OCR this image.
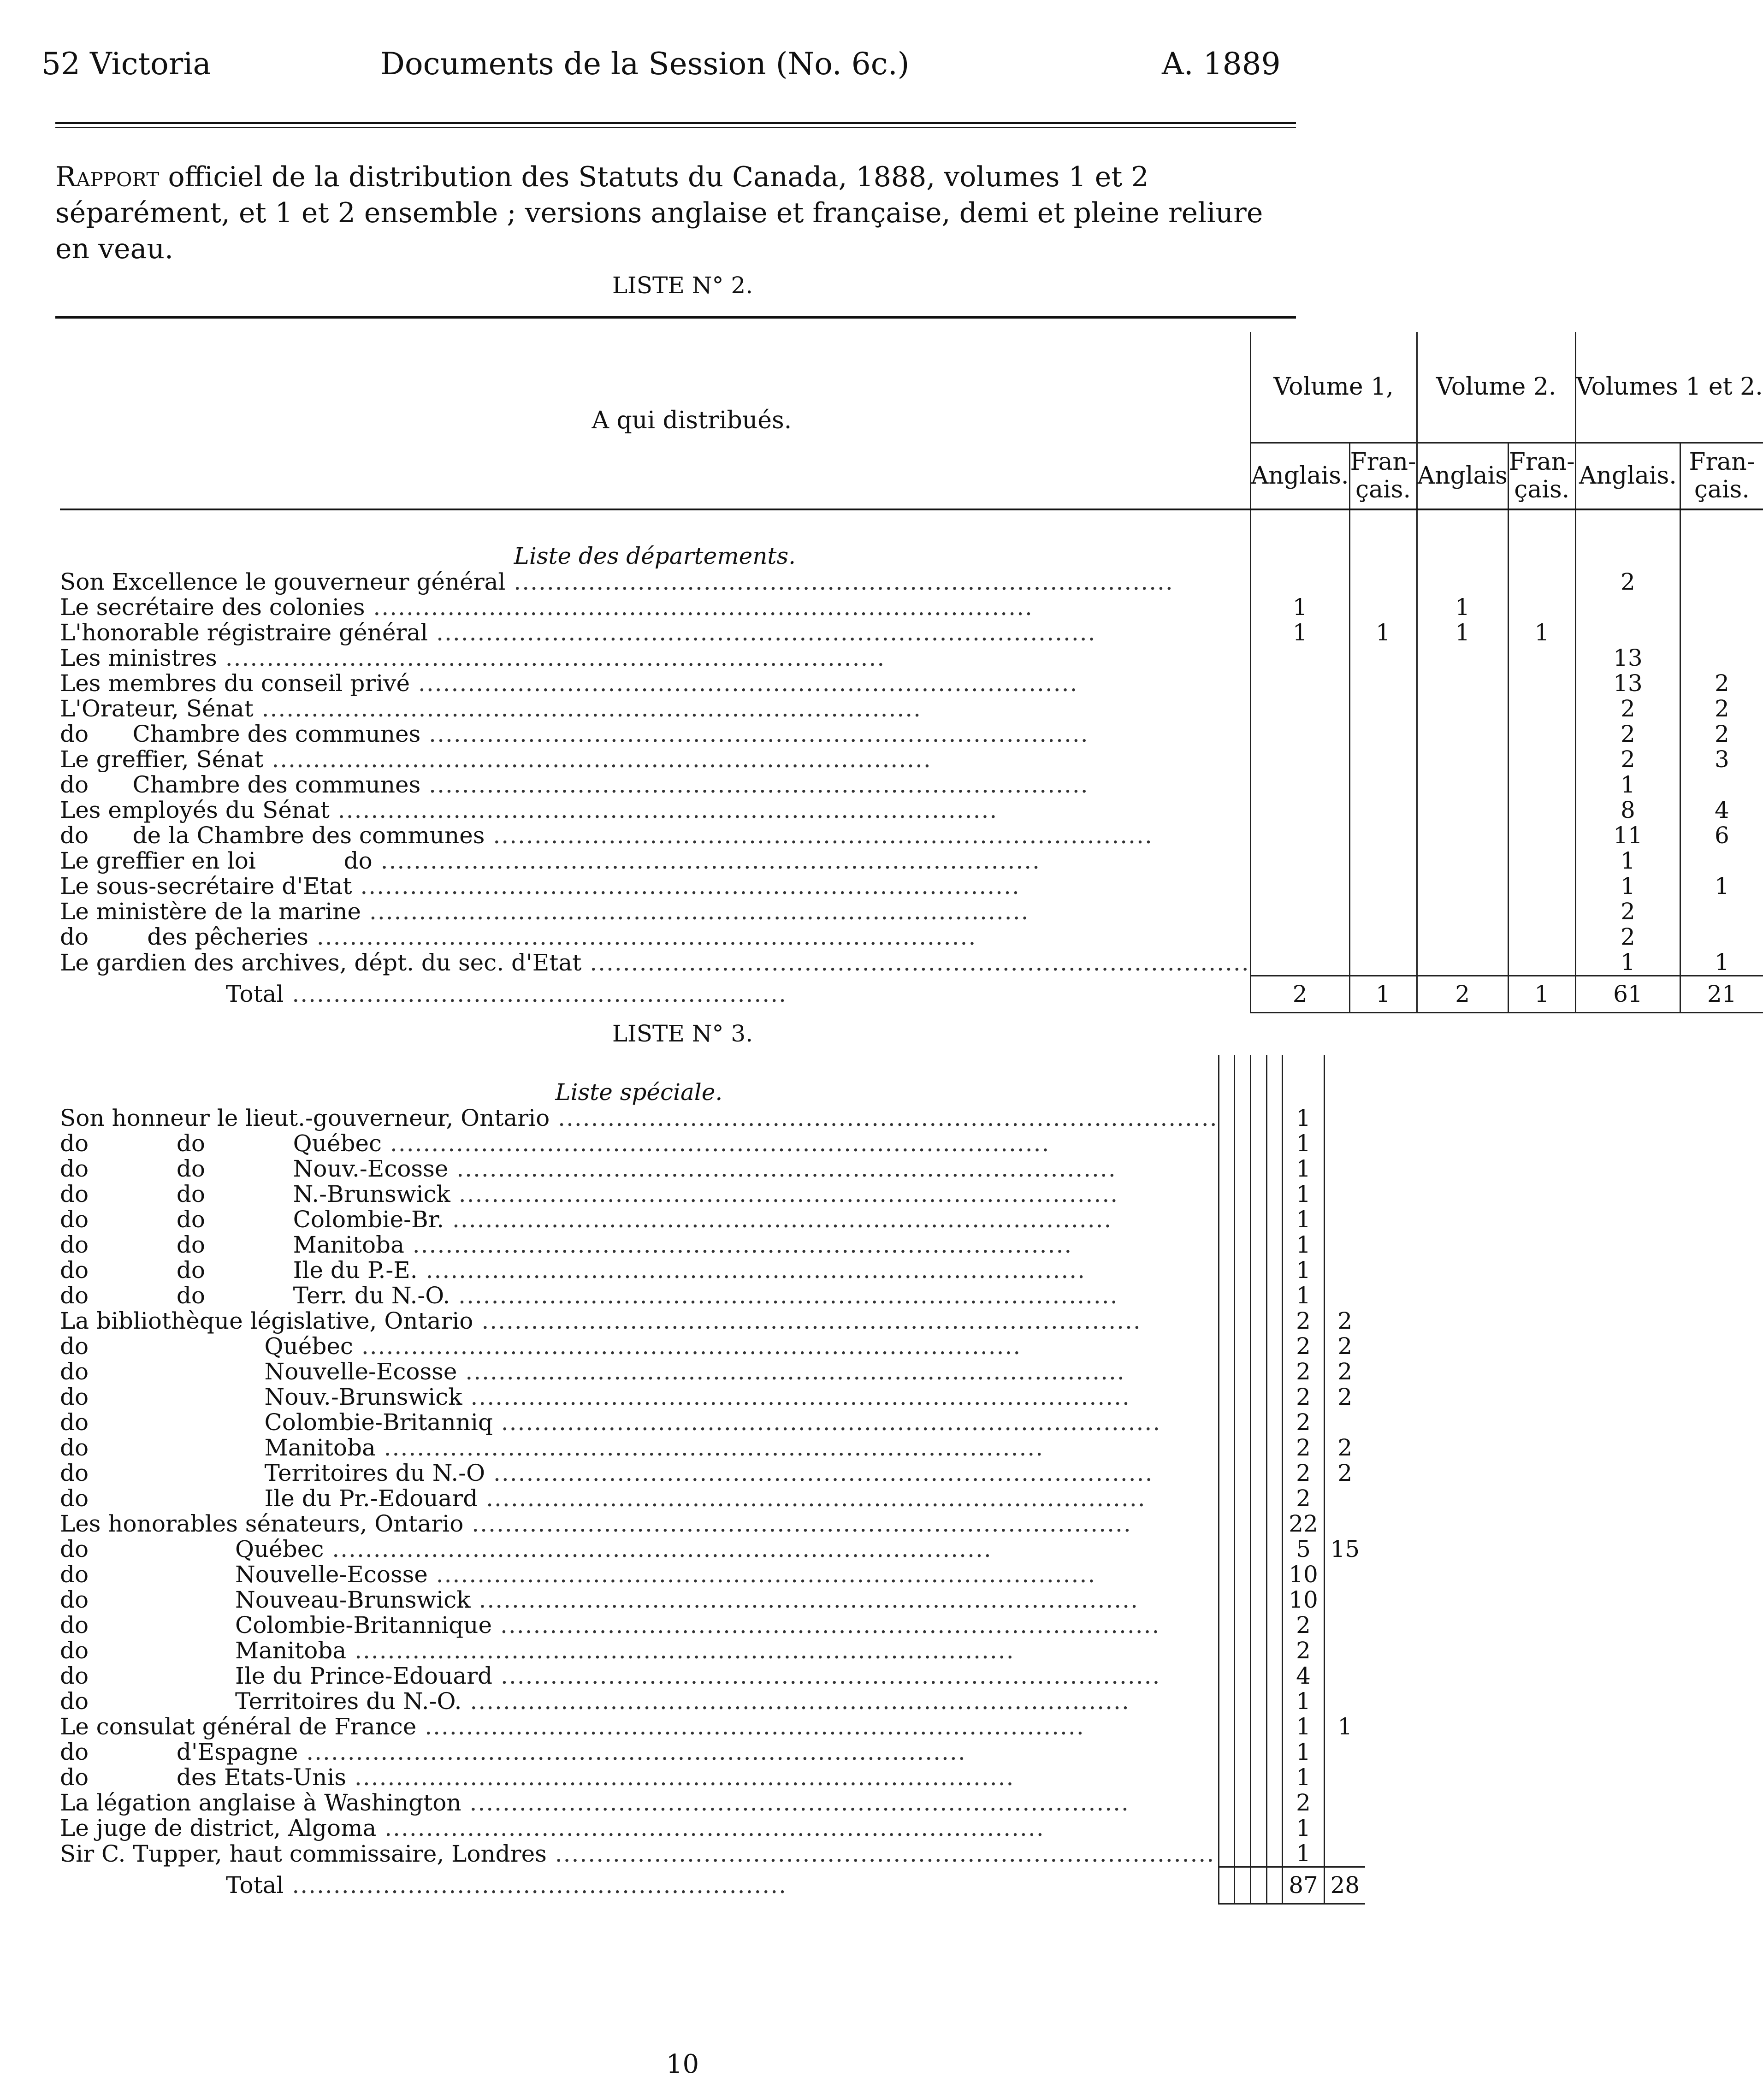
52 Victoria	Documents de la Session (No. 6c.)	A. 1889
Rapport officiel de la distribution des Statuts du Canada, 1888, volumes 1 et 2 séparément, et 1 et 2 ensemble ; versions anglaise et française, demi et pleine reliure en veau.
LISTE N° 2.
A qui distribués.	Volume 1,		Volume 2.		Volumes 1 et 2.	
	Anglais.	Fran-çais.	Anglais	Fran-çais.	Anglais.	Fran-çais.
Liste des départements.						
Son Excellence le gouverneur général ................................................................................					2	
Le secrétaire des colonies ................................................................................	1		1			
L'honorable régistraire général ................................................................................	1	1	1	1		
Les ministres ................................................................................					13	
Les membres du conseil privé ................................................................................					13	2
L'Orateur, Sénat ................................................................................					2	2
do      Chambre des communes ................................................................................					2	2
Le greffier, Sénat ................................................................................					2	3
do      Chambre des communes ................................................................................					1	
Les employés du Sénat ................................................................................					8	4
do      de la Chambre des communes ................................................................................					11	6
Le greffier en loi            do ................................................................................					1	
Le sous-secrétaire d'Etat ................................................................................					1	1
Le ministère de la marine ................................................................................					2	
do        des pêcheries ................................................................................					2	
Le gardien des archives, dépt. du sec. d'Etat ................................................................................					1	1
Total ............................................................	2	1	2	1	61	21
LISTE N° 3.
Liste spéciale.						
Son honneur le lieut.-gouverneur, Ontario ................................................................................					1	
do            do            Québec ................................................................................					1	
do            do            Nouv.-Ecosse ................................................................................					1	
do            do            N.-Brunswick ................................................................................					1	
do            do            Colombie-Br. ................................................................................					1	
do            do            Manitoba ................................................................................					1	
do            do            Ile du P.-E. ................................................................................					1	
do            do            Terr. du N.-O. ................................................................................					1	
La bibliothèque législative, Ontario ................................................................................					2	2
do                        Québec ................................................................................					2	2
do                        Nouvelle-Ecosse ................................................................................					2	2
do                        Nouv.-Brunswick ................................................................................					2	2
do                        Colombie-Britanniq ................................................................................					2	
do                        Manitoba ................................................................................					2	2
do                        Territoires du N.-O ................................................................................					2	2
do                        Ile du Pr.-Edouard ................................................................................					2	
Les honorables sénateurs, Ontario ................................................................................					22	
do                    Québec ................................................................................					5	15
do                    Nouvelle-Ecosse ................................................................................					10	
do                    Nouveau-Brunswick ................................................................................					10	
do                    Colombie-Britannique ................................................................................					2	
do                    Manitoba ................................................................................					2	
do                    Ile du Prince-Edouard ................................................................................					4	
do                    Territoires du N.-O. ................................................................................					1	
Le consulat général de France ................................................................................					1	1
do            d'Espagne ................................................................................					1	
do            des Etats-Unis ................................................................................					1	
La légation anglaise à Washington ................................................................................					2	
Le juge de district, Algoma ................................................................................					1	
Sir C. Tupper, haut commissaire, Londres ................................................................................					1	
Total ............................................................					87	28
10
